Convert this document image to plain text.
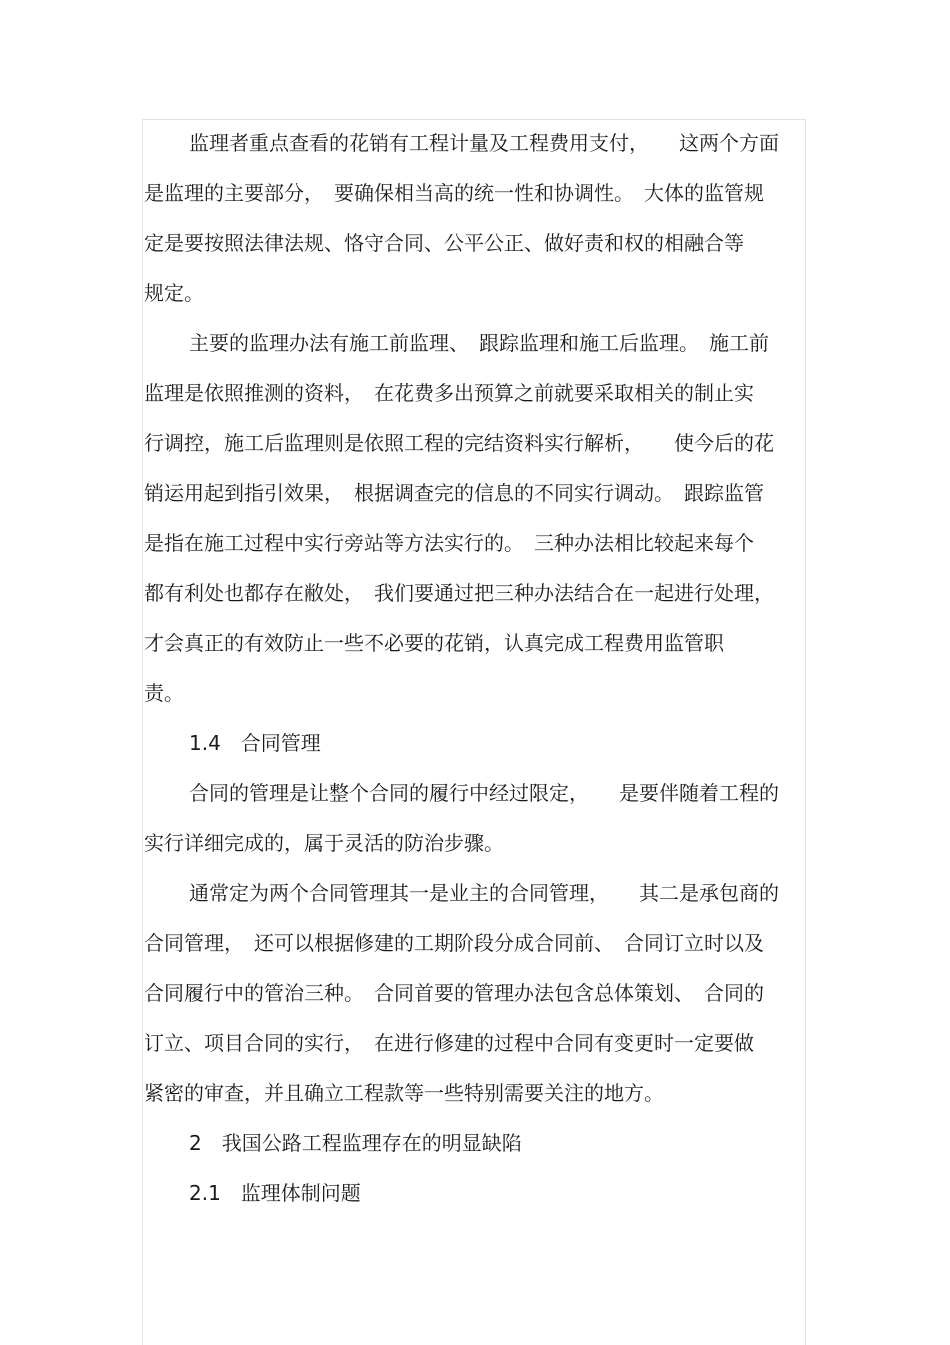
监理者重点查看的花销有工程计量及工程费用支付，　　这两个方面
是监理的主要部分，　要确保相当高的统一性和协调性。　大体的监管规
定是要按照法律法规、恪守合同、公平公正、做好责和权的相融合等
规定。
主要的监理办法有施工前监理、　跟踪监理和施工后监理。　施工前
监理是依照推测的资料，　在花费多出预算之前就要采取相关的制止实
行调控，施工后监理则是依照工程的完结资料实行解析，　　使今后的花
销运用起到指引效果，　根据调查完的信息的不同实行调动。　跟踪监管
是指在施工过程中实行旁站等方法实行的。　三种办法相比较起来每个
都有利处也都存在敝处，　我们要通过把三种办法结合在一起进行处理，
才会真正的有效防止一些不必要的花销，认真完成工程费用监管职
责。
1.4　合同管理
合同的管理是让整个合同的履行中经过限定，　　是要伴随着工程的
实行详细完成的，属于灵活的防治步骤。
通常定为两个合同管理其一是业主的合同管理，　　其二是承包商的
合同管理，　还可以根据修建的工期阶段分成合同前、　合同订立时以及
合同履行中的管治三种。　合同首要的管理办法包含总体策划、　合同的
订立、项目合同的实行，　在进行修建的过程中合同有变更时一定要做
紧密的审查，并且确立工程款等一些特别需要关注的地方。
2　我国公路工程监理存在的明显缺陷
2.1　监理体制问题
